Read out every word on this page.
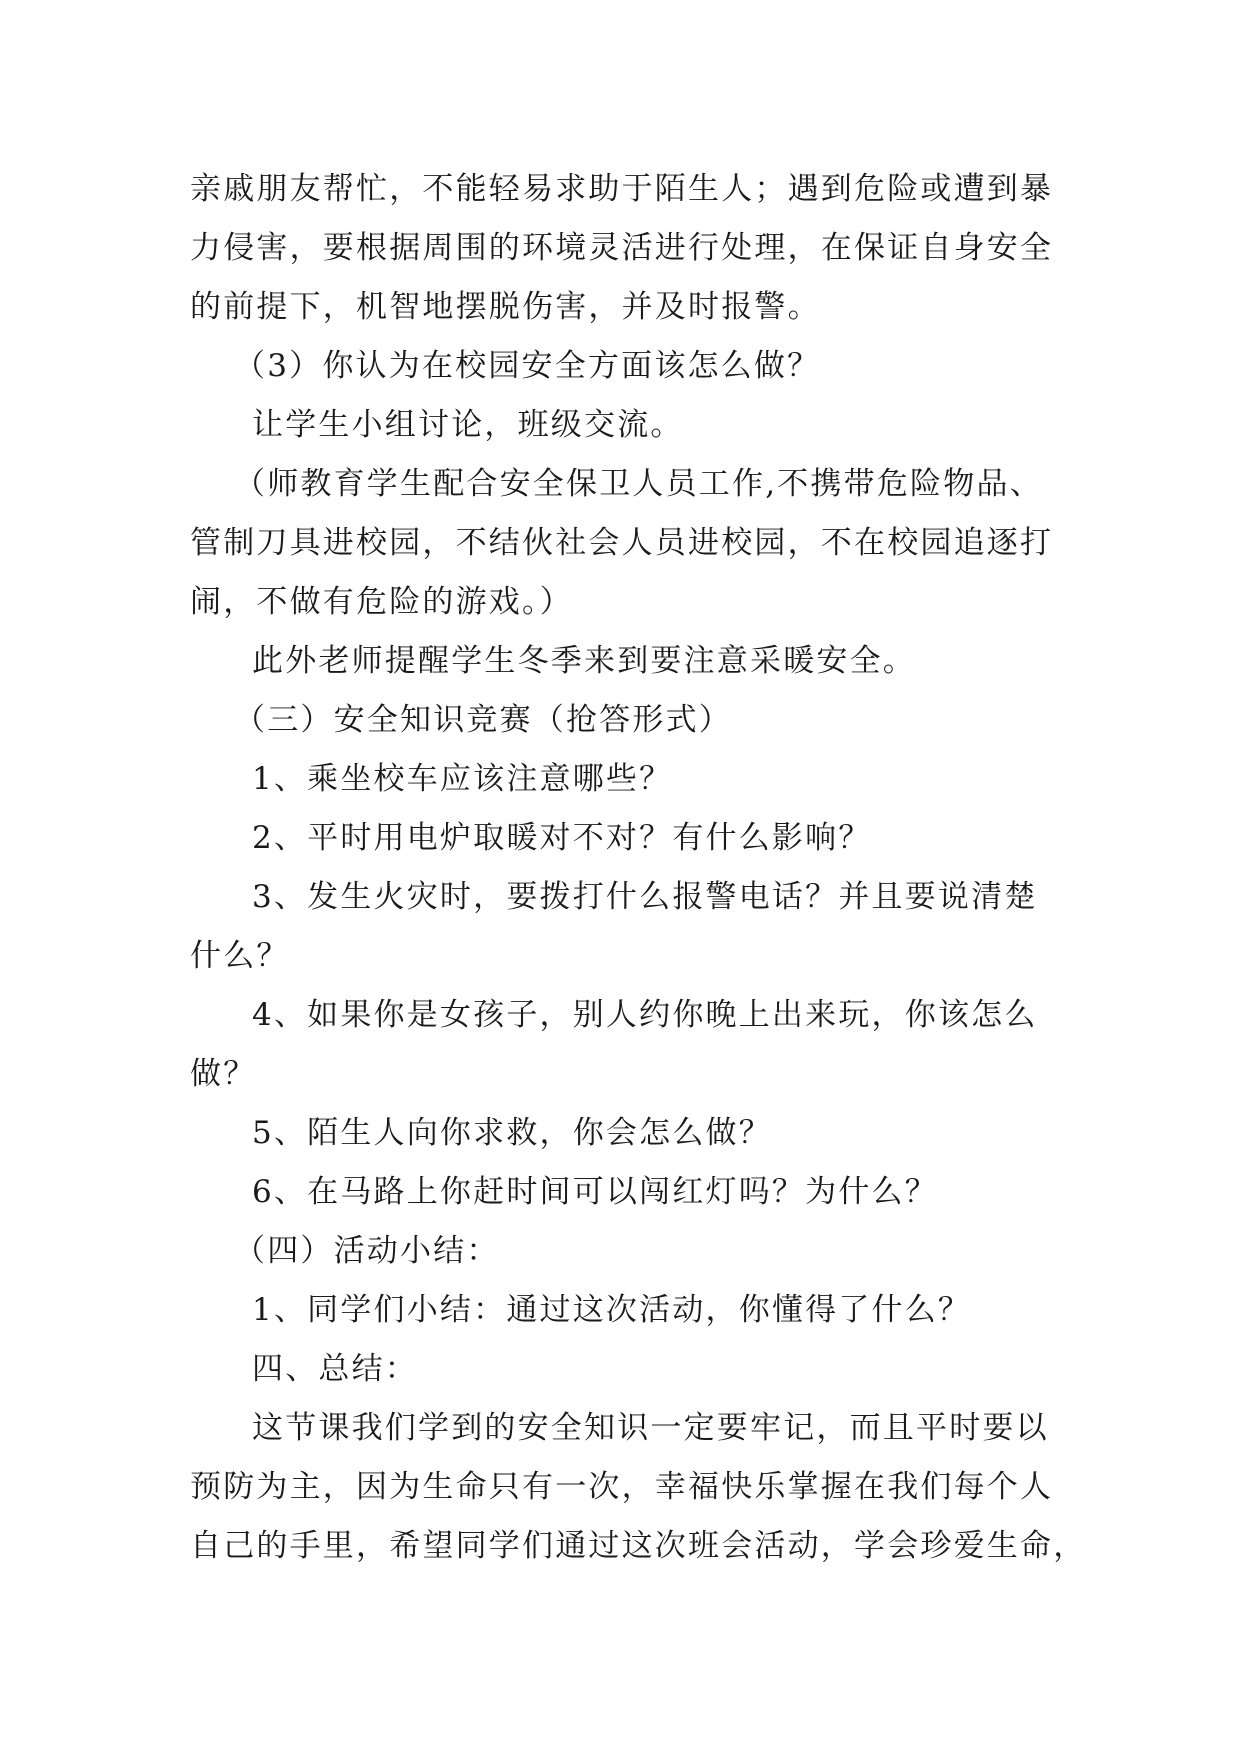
亲戚朋友帮忙，不能轻易求助于陌生人；遇到危险或遭到暴
力侵害，要根据周围的环境灵活进行处理，在保证自身安全
的前提下，机智地摆脱伤害，并及时报警。
（3）你认为在校园安全方面该怎么做？
让学生小组讨论，班级交流。
（师教育学生配合安全保卫人员工作,不携带危险物品、
管制刀具进校园，不结伙社会人员进校园，不在校园追逐打
闹，不做有危险的游戏。）
此外老师提醒学生冬季来到要注意采暖安全。
（三）安全知识竞赛（抢答形式）
1、乘坐校车应该注意哪些？
2、平时用电炉取暖对不对？有什么影响？
3、发生火灾时，要拨打什么报警电话？并且要说清楚
什么？
4、如果你是女孩子，别人约你晚上出来玩，你该怎么
做？
5、陌生人向你求救，你会怎么做？
6、在马路上你赶时间可以闯红灯吗？为什么？
（四）活动小结：
1、同学们小结：通过这次活动，你懂得了什么？
四、总结：
这节课我们学到的安全知识一定要牢记，而且平时要以
预防为主，因为生命只有一次，幸福快乐掌握在我们每个人
自己的手里，希望同学们通过这次班会活动，学会珍爱生命，
